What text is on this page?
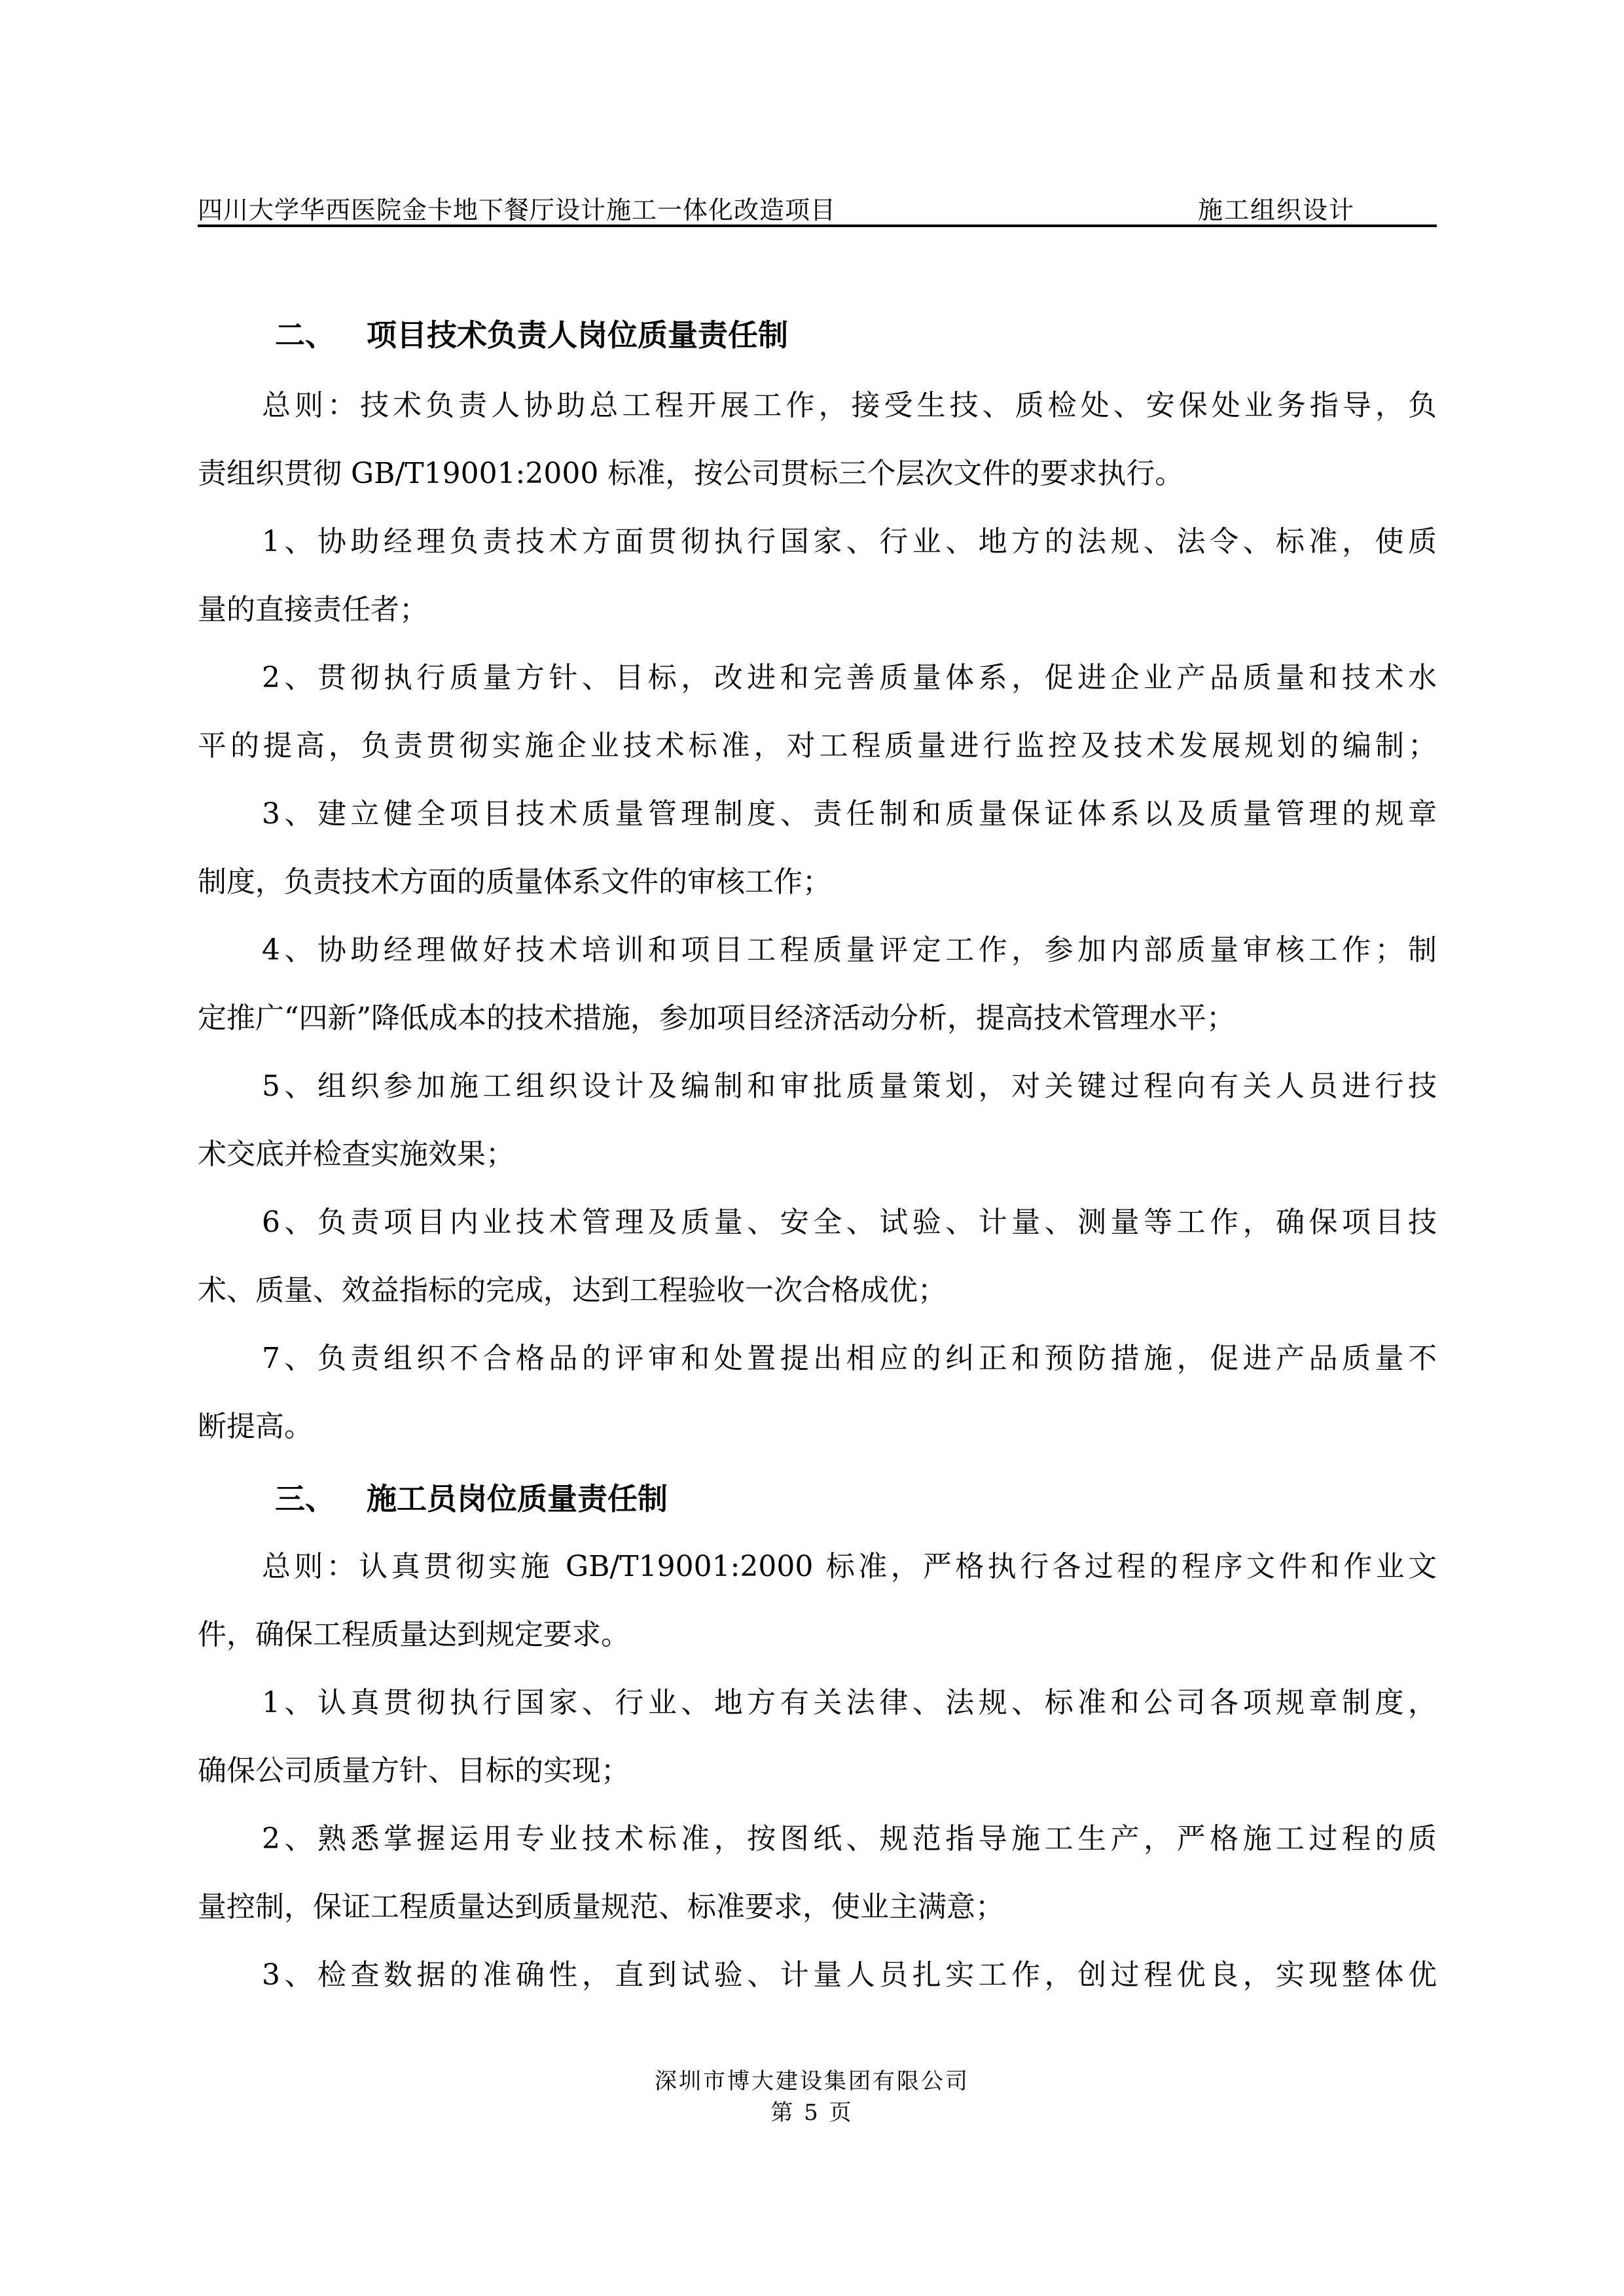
四川大学华西医院金卡地下餐厅设计施工一体化改造项目	施工组织设计
二、 项目技术负责人岗位质量责任制
总则：技术负责人协助总工程开展工作，接受生技、质检处、安保处业务指导，负
责组织贯彻 GB/T19001:2000 标准，按公司贯标三个层次文件的要求执行。
1、协助经理负责技术方面贯彻执行国家、行业、地方的法规、法令、标准，使质
量的直接责任者；
2、贯彻执行质量方针、目标，改进和完善质量体系，促进企业产品质量和技术水
平的提高，负责贯彻实施企业技术标准，对工程质量进行监控及技术发展规划的编制；
3、建立健全项目技术质量管理制度、责任制和质量保证体系以及质量管理的规章
制度，负责技术方面的质量体系文件的审核工作；
4、协助经理做好技术培训和项目工程质量评定工作，参加内部质量审核工作；制
定推广“四新”降低成本的技术措施，参加项目经济活动分析，提高技术管理水平；
5、组织参加施工组织设计及编制和审批质量策划，对关键过程向有关人员进行技
术交底并检查实施效果；
6、负责项目内业技术管理及质量、安全、试验、计量、测量等工作，确保项目技
术、质量、效益指标的完成，达到工程验收一次合格成优；
7、负责组织不合格品的评审和处置提出相应的纠正和预防措施，促进产品质量不
断提高。
三、 施工员岗位质量责任制
总则：认真贯彻实施 GB/T19001:2000 标准，严格执行各过程的程序文件和作业文
件，确保工程质量达到规定要求。
1、认真贯彻执行国家、行业、地方有关法律、法规、标准和公司各项规章制度，
确保公司质量方针、目标的实现；
2、熟悉掌握运用专业技术标准，按图纸、规范指导施工生产，严格施工过程的质
量控制，保证工程质量达到质量规范、标准要求，使业主满意；
3、检查数据的准确性，直到试验、计量人员扎实工作，创过程优良，实现整体优
深圳市博大建设集团有限公司
第 5 页
